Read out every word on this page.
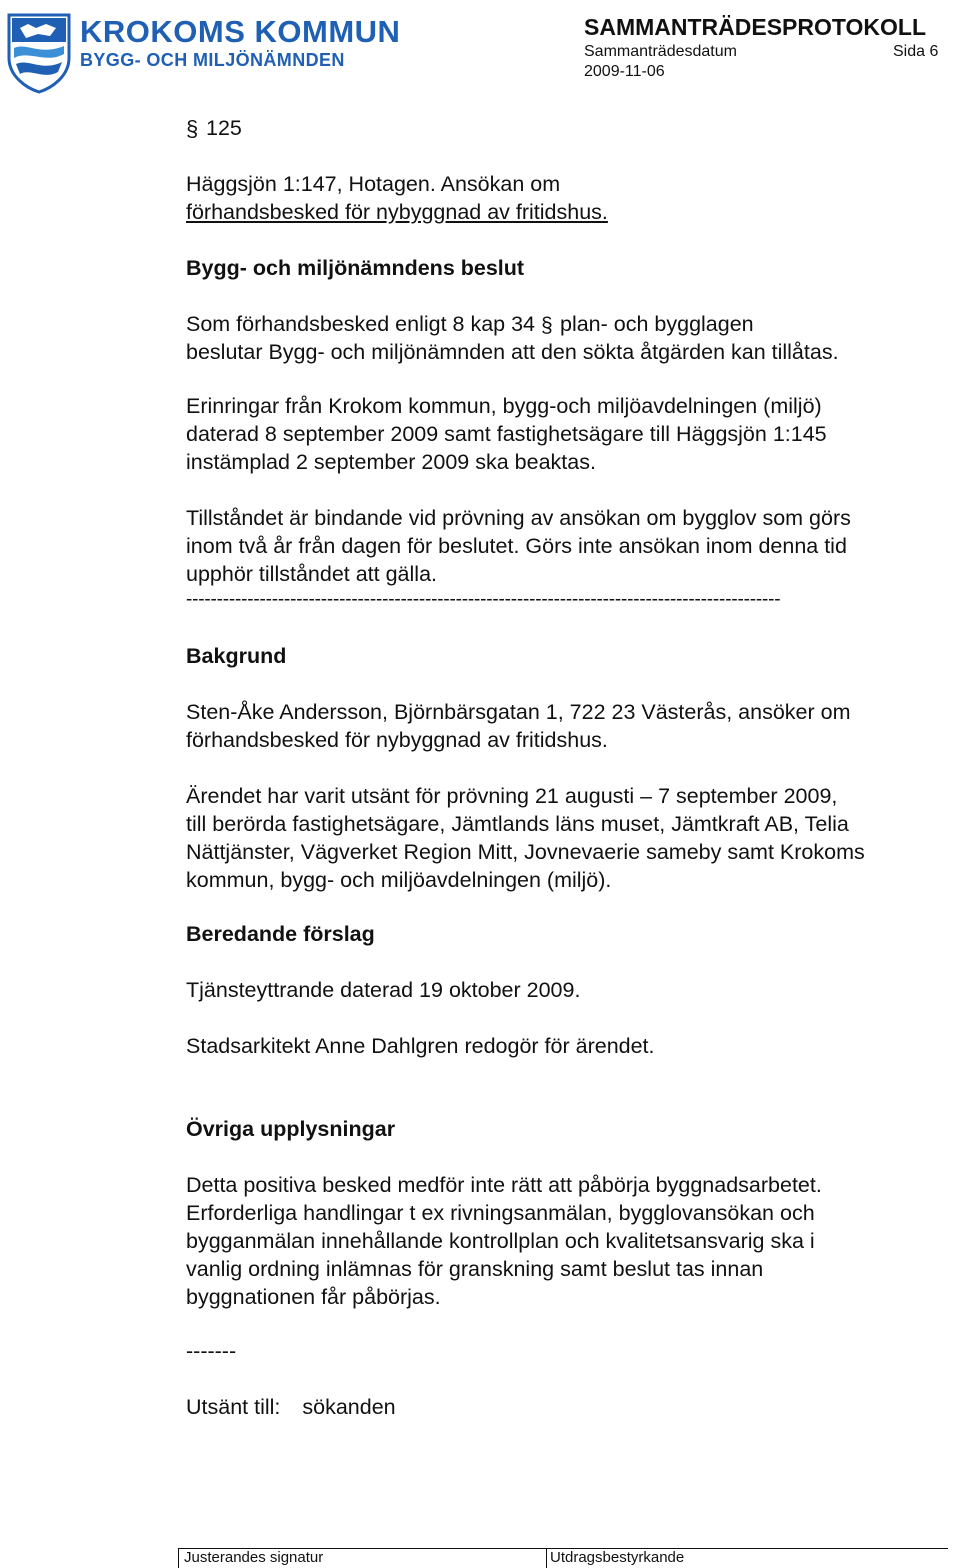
KROKOMS KOMMUN
BYGG- OCH MILJÖNÄMNDEN
SAMMANTRÄDESPROTOKOLL
Sammanträdesdatum	Sida 6
2009-11-06
§ 125
Häggsjön 1:147, Hotagen. Ansökan om
förhandsbesked för nybyggnad av fritidshus.
Bygg- och miljönämndens beslut
Som förhandsbesked enligt 8 kap 34 § plan- och bygglagen
beslutar Bygg- och miljönämnden att den sökta åtgärden kan tillåtas.
Erinringar från Krokom kommun, bygg-och miljöavdelningen (miljö)
daterad 8 september 2009 samt fastighetsägare till Häggsjön 1:145
instämplad 2 september 2009 ska beaktas.
Tillståndet är bindande vid prövning av ansökan om bygglov som görs
inom två år från dagen för beslutet. Görs inte ansökan inom denna tid
upphör tillståndet att gälla.
-------------------------------------------------------------------------------------------------
Bakgrund
Sten-Åke Andersson, Björnbärsgatan 1, 722 23 Västerås, ansöker om
förhandsbesked för nybyggnad av fritidshus.
Ärendet har varit utsänt för prövning 21 augusti – 7 september 2009,
till berörda fastighetsägare, Jämtlands läns muset, Jämtkraft AB, Telia
Nättjänster, Vägverket Region Mitt, Jovnevaerie sameby samt Krokoms
kommun, bygg- och miljöavdelningen (miljö).
Beredande förslag
Tjänsteyttrande daterad 19 oktober 2009.
Stadsarkitekt Anne Dahlgren redogör för ärendet.
Övriga upplysningar
Detta positiva besked medför inte rätt att påbörja byggnadsarbetet.
Erforderliga handlingar t ex rivningsanmälan, bygglovansökan och
bygganmälan innehållande kontrollplan och kvalitetsansvarig ska i
vanlig ordning inlämnas för granskning samt beslut tas innan
byggnationen får påbörjas.
-------
Utsänt till: sökanden
Justerandes signatur	Utdragsbestyrkande
